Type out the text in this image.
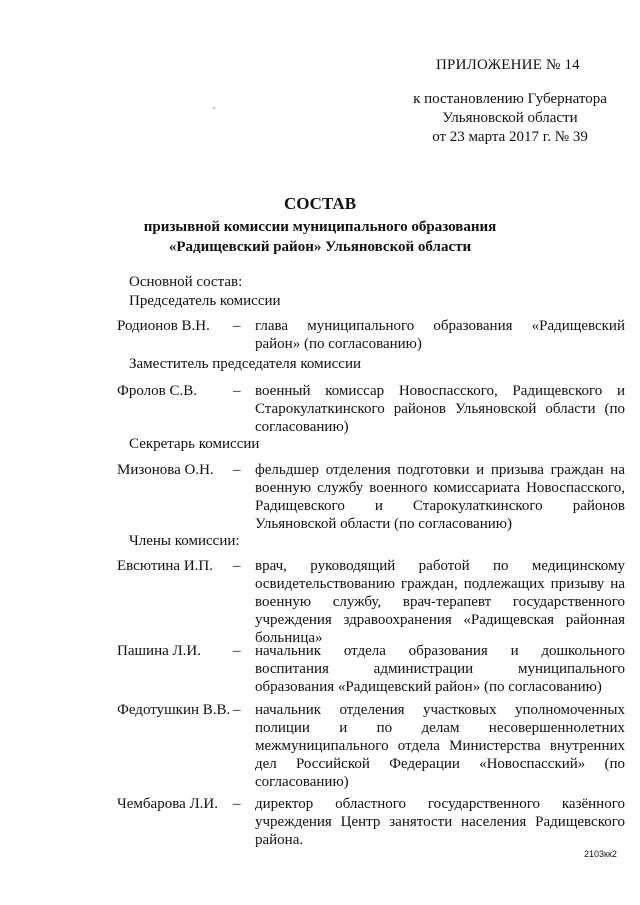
ПРИЛОЖЕНИЕ № 14
к постановлению Губернатора
Ульяновской области
от 23 марта 2017 г. № 39
СОСТАВ
призывной комиссии муниципального образования
«Радищевский район» Ульяновской области
Основной состав:
Председатель комиссии
Родионов В.Н. – глава муниципального образования «Радищевский район» (по согласованию)
Заместитель председателя комиссии
Фролов С.В. – военный комиссар Новоспасского, Радищевского и Старокулаткинского районов Ульяновской области (по согласованию)
Секретарь комиссии
Мизонова О.Н. – фельдшер отделения подготовки и призыва граждан на военную службу военного комиссариата Новоспасского, Радищевского и Старокулаткинского районов Ульяновской области (по согласованию)
Члены комиссии:
Евсютина И.П. – врач, руководящий работой по медицинскому освидетельствованию граждан, подлежащих призыву на военную службу, врач-терапевт государственного учреждения здравоохранения «Радищевская районная больница»
Пашина Л.И. – начальник отдела образования и дошкольного воспитания администрации муниципального образования «Радищевский район» (по согласованию)
Федотушкин В.В. – начальник отделения участковых уполномоченных полиции и по делам несовершеннолетних межмуниципального отдела Министерства внутренних дел Российской Федерации «Новоспасский» (по согласованию)
Чембарова Л.И. – директор областного государственного казённого учреждения Центр занятости населения Радищевского района.
2103кк2
